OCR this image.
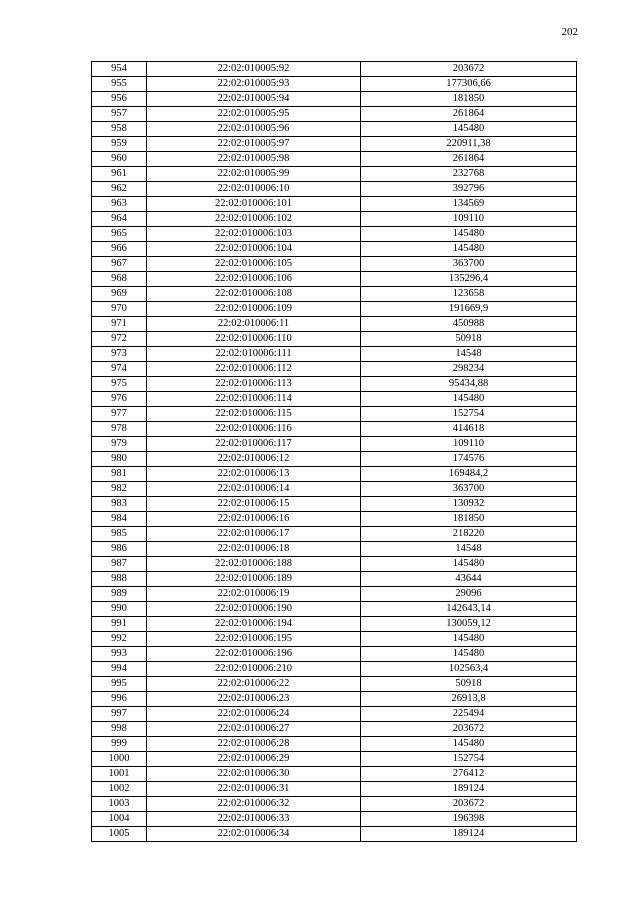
202
954	22:02:010005:92	203672
955	22:02:010005:93	177306,66
956	22:02:010005:94	181850
957	22:02:010005:95	261864
958	22:02:010005:96	145480
959	22:02:010005:97	220911,38
960	22:02:010005:98	261864
961	22:02:010005:99	232768
962	22:02:010006:10	392796
963	22:02:010006:101	134569
964	22:02:010006:102	109110
965	22:02:010006:103	145480
966	22:02:010006:104	145480
967	22:02:010006:105	363700
968	22:02:010006:106	135296,4
969	22:02:010006:108	123658
970	22:02:010006:109	191669,9
971	22:02:010006:11	450988
972	22:02:010006:110	50918
973	22:02:010006:111	14548
974	22:02:010006:112	298234
975	22:02:010006:113	95434,88
976	22:02:010006:114	145480
977	22:02:010006:115	152754
978	22:02:010006:116	414618
979	22:02:010006:117	109110
980	22:02:010006:12	174576
981	22:02:010006:13	169484,2
982	22:02:010006:14	363700
983	22:02:010006:15	130932
984	22:02:010006:16	181850
985	22:02:010006:17	218220
986	22:02:010006:18	14548
987	22:02:010006:188	145480
988	22:02:010006:189	43644
989	22:02:010006:19	29096
990	22:02:010006:190	142643,14
991	22:02:010006:194	130059,12
992	22:02:010006:195	145480
993	22:02:010006:196	145480
994	22:02:010006:210	102563,4
995	22:02:010006:22	50918
996	22:02:010006:23	26913,8
997	22:02:010006:24	225494
998	22:02:010006:27	203672
999	22:02:010006:28	145480
1000	22:02:010006:29	152754
1001	22:02:010006:30	276412
1002	22:02:010006:31	189124
1003	22:02:010006:32	203672
1004	22:02:010006:33	196398
1005	22:02:010006:34	189124
